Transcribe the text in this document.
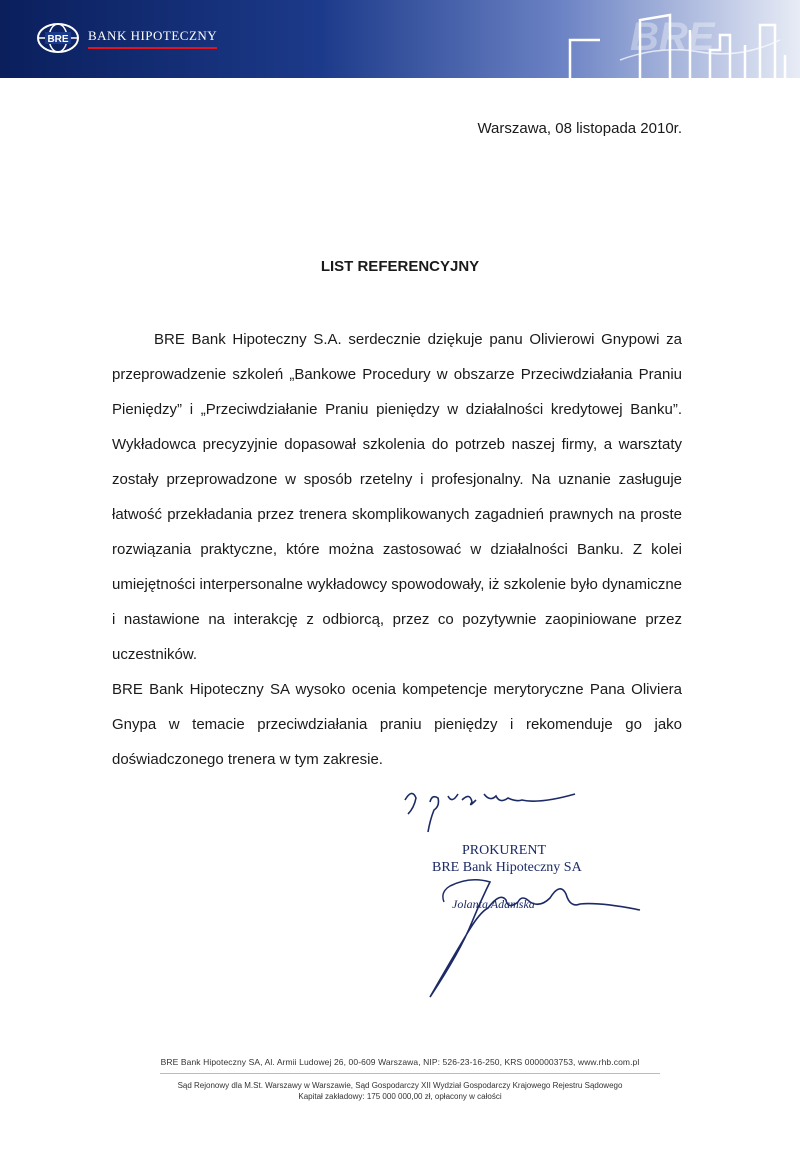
BRE BANK HIPOTECZNY	BRE
Warszawa, 08 listopada 2010r.
LIST REFERENCYJNY

BRE Bank Hipoteczny S.A. serdecznie dziękuje panu Olivierowi Gnypowi za przeprowadzenie szkoleń „Bankowe Procedury w obszarze Przeciwdziałania Praniu Pieniędzy” i „Przeciwdziałanie Praniu pieniędzy w działalności kredytowej Banku”. Wykładowca precyzyjnie dopasował szkolenia do potrzeb naszej firmy, a warsztaty zostały przeprowadzone w sposób rzetelny i profesjonalny. Na uznanie zasługuje łatwość przekładania przez trenera skomplikowanych zagadnień prawnych na proste rozwiązania praktyczne, które można zastosować w działalności Banku. Z kolei umiejętności interpersonalne wykładowcy spowodowały, iż szkolenie było dynamiczne i nastawione na interakcję z odbiorcą, przez co pozytywnie zaopiniowane przez uczestników.

BRE Bank Hipoteczny SA wysoko ocenia kompetencje merytoryczne Pana Oliviera Gnypa w temacie przeciwdziałania praniu pieniędzy i rekomenduje go jako doświadczonego trenera w tym zakresie.

PROKURENT
BRE Bank Hipoteczny SA
Jolanta Adamska
BRE Bank Hipoteczny SA, Al. Armii Ludowej 26, 00-609 Warszawa, NIP: 526-23-16-250, KRS 0000003753, www.rhb.com.pl
Sąd Rejonowy dla M.St. Warszawy w Warszawie, Sąd Gospodarczy XII Wydział Gospodarczy Krajowego Rejestru Sądowego
Kapitał zakładowy: 175 000 000,00 zł, opłacony w całości
